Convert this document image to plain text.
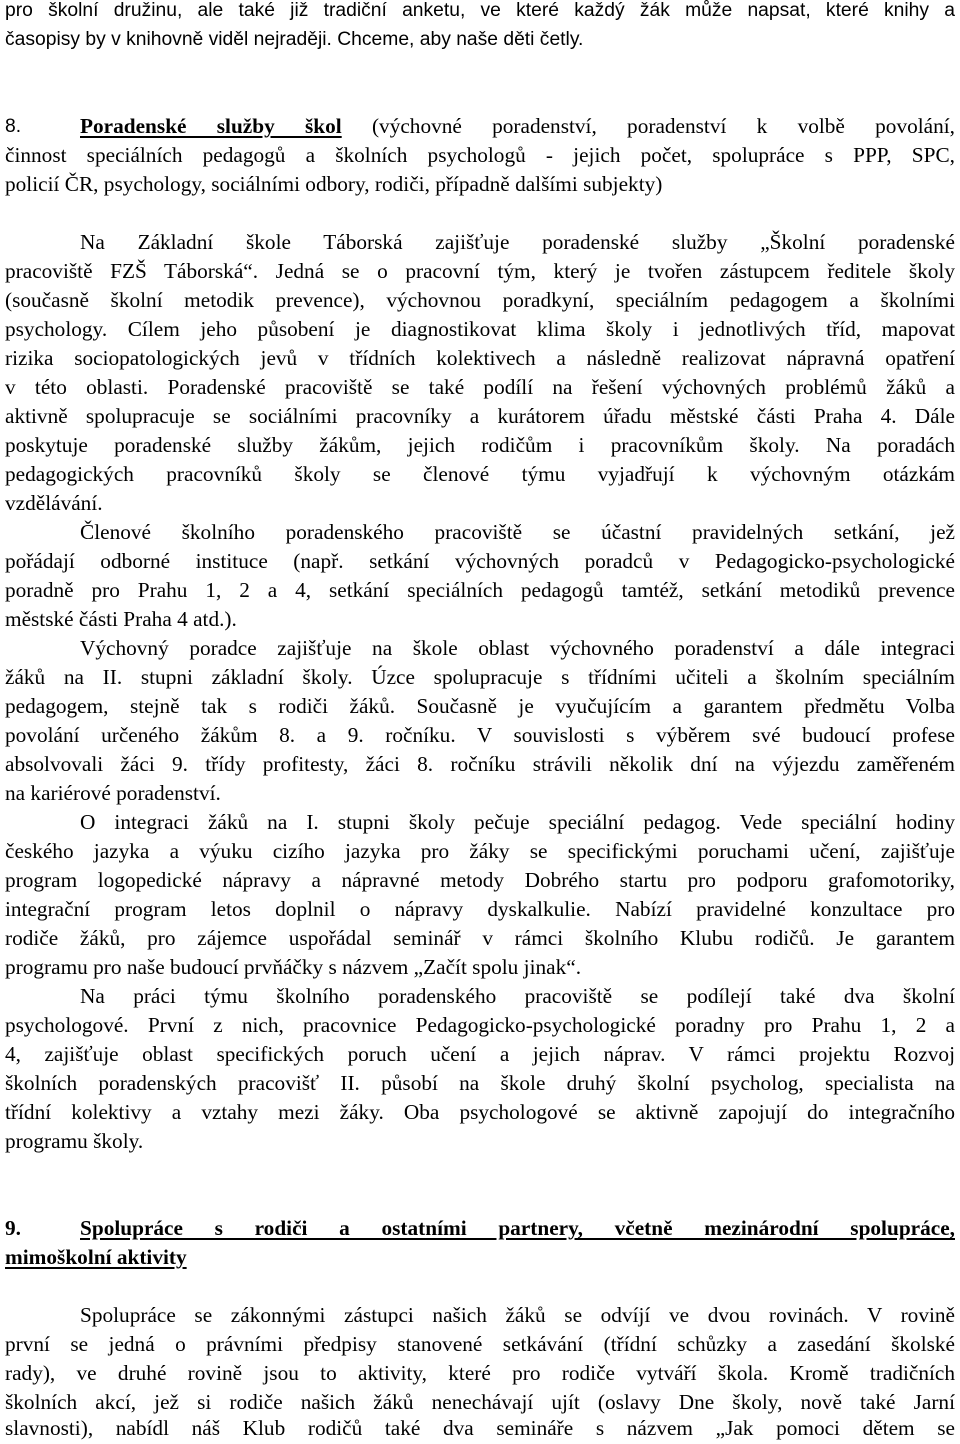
pro školní družinu, ale také již tradiční anketu, ve které každý žák může napsat, které knihy a
časopisy by v knihovně viděl nejraději. Chceme, aby naše děti četly.
8.	Poradenské služby škol (výchovné poradenství, poradenství k volbě povolání,
činnost speciálních pedagogů a školních psychologů - jejich počet, spolupráce s PPP, SPC,
policií ČR, psychology, sociálními odbory, rodiči, případně dalšími subjekty)
Na Základní škole Táborská zajišťuje poradenské služby „Školní poradenské
pracoviště FZŠ Táborská“. Jedná se o pracovní tým, který je tvořen zástupcem ředitele školy
(současně školní metodik prevence), výchovnou poradkyní, speciálním pedagogem a školními
psychology. Cílem jeho působení je diagnostikovat klima školy i jednotlivých tříd, mapovat
rizika sociopatologických jevů v třídních kolektivech a následně realizovat nápravná opatření
v této oblasti. Poradenské pracoviště se také podílí na řešení výchovných problémů žáků a
aktivně spolupracuje se sociálními pracovníky a kurátorem úřadu městské části Praha 4. Dále
poskytuje poradenské služby žákům, jejich rodičům i pracovníkům školy. Na poradách
pedagogických pracovníků školy se členové týmu vyjadřují k výchovným otázkám
vzdělávání.
Členové školního poradenského pracoviště se účastní pravidelných setkání, jež
pořádají odborné instituce (např. setkání výchovných poradců v Pedagogicko-psychologické
poradně pro Prahu 1, 2 a 4, setkání speciálních pedagogů tamtéž, setkání metodiků prevence
městské části Praha 4 atd.).
Výchovný poradce zajišťuje na škole oblast výchovného poradenství a dále integraci
žáků na II. stupni základní školy. Úzce spolupracuje s třídními učiteli a školním speciálním
pedagogem, stejně tak s rodiči žáků. Současně je vyučujícím a garantem předmětu Volba
povolání určeného žákům 8. a 9. ročníku. V souvislosti s výběrem své budoucí profese
absolvovali žáci 9. třídy profitesty, žáci 8. ročníku strávili několik dní na výjezdu zaměřeném
na kariérové poradenství.
O integraci žáků na I. stupni školy pečuje speciální pedagog. Vede speciální hodiny
českého jazyka a výuku cizího jazyka pro žáky se specifickými poruchami učení, zajišťuje
program logopedické nápravy a nápravné metody Dobrého startu pro podporu grafomotoriky,
integrační program letos doplnil o nápravy dyskalkulie. Nabízí pravidelné konzultace pro
rodiče žáků, pro zájemce uspořádal seminář v rámci školního Klubu rodičů. Je garantem
programu pro naše budoucí prvňáčky s názvem „Začít spolu jinak“.
Na práci týmu školního poradenského pracoviště se podílejí také dva školní
psychologové. První z nich, pracovnice Pedagogicko-psychologické poradny pro Prahu 1, 2 a
4, zajišťuje oblast specifických poruch učení a jejich náprav. V rámci projektu Rozvoj
školních poradenských pracovišť II. působí na škole druhý školní psycholog, specialista na
třídní kolektivy a vztahy mezi žáky. Oba psychologové se aktivně zapojují do integračního
programu školy.
9.	Spolupráce s rodiči a ostatními partnery, včetně mezinárodní spolupráce,
mimoškolní aktivity
Spolupráce se zákonnými zástupci našich žáků se odvíjí ve dvou rovinách. V rovině
první se jedná o právními předpisy stanovené setkávání (třídní schůzky a zasedání školské
rady), ve druhé rovině jsou to aktivity, které pro rodiče vytváří škola. Kromě tradičních
školních akcí, jež si rodiče našich žáků nenechávají ujít (oslavy Dne školy, nově také Jarní
slavnosti), nabídl náš Klub rodičů také dva semináře s názvem „Jak pomoci dětem se
